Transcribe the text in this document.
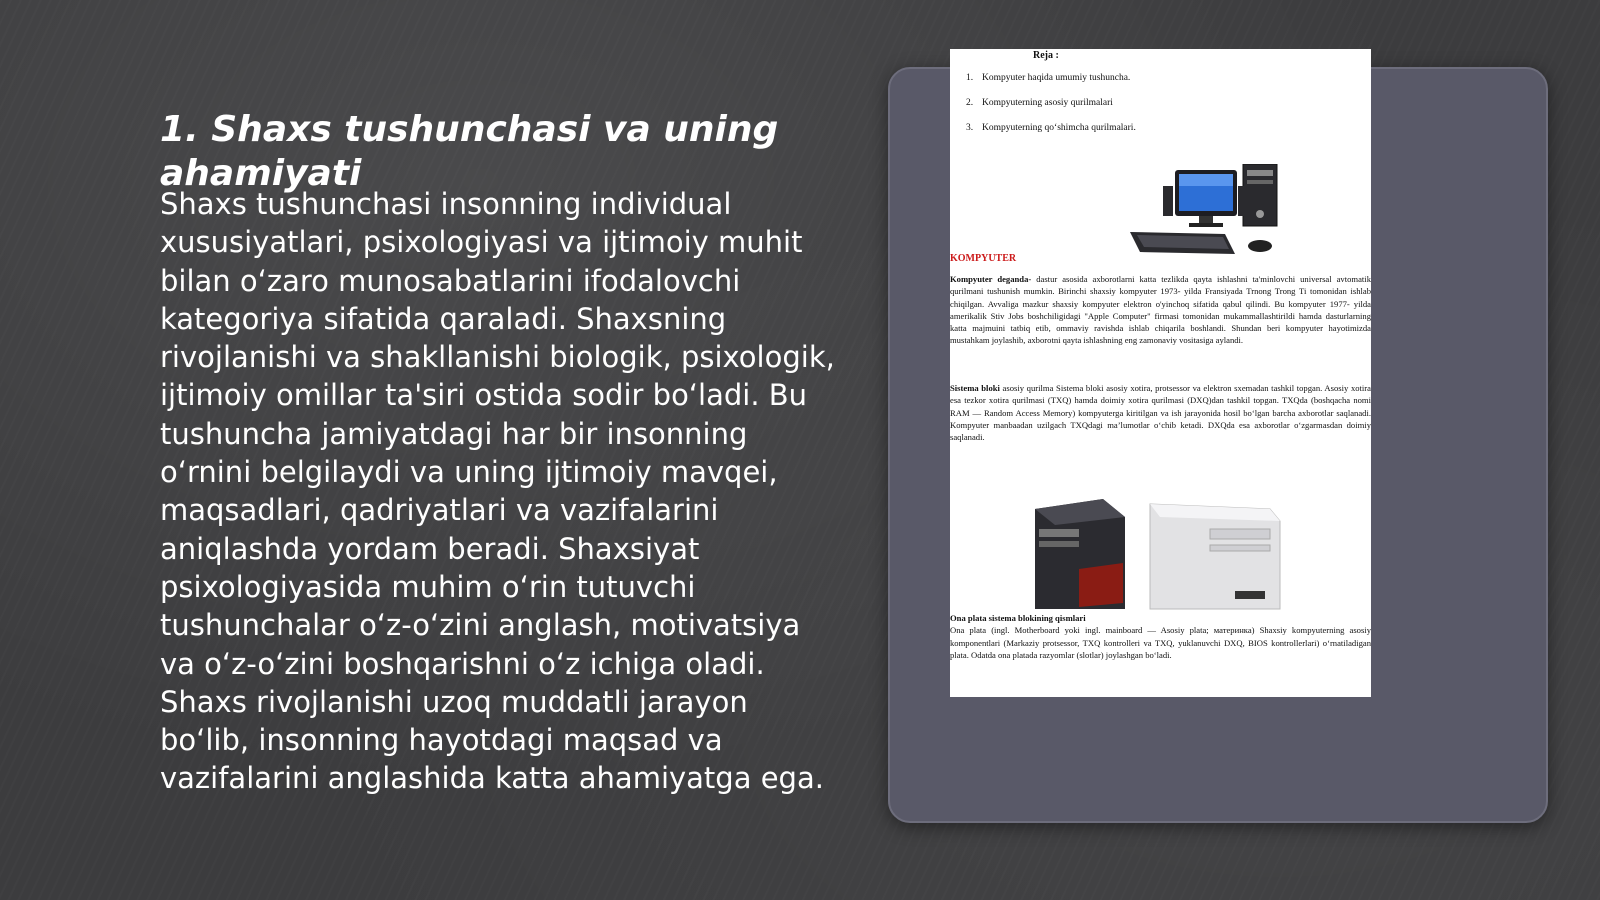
1. Shaxs tushunchasi va uning ahamiyati

Shaxs tushunchasi insonning individual xususiyatlari, psixologiyasi va ijtimoiy muhit bilan oʻzaro munosabatlarini ifodalovchi kategoriya sifatida qaraladi. Shaxsning rivojlanishi va shakllanishi biologik, psixologik, ijtimoiy omillar ta'siri ostida sodir boʻladi. Bu tushuncha jamiyatdagi har bir insonning oʻrnini belgilaydi va uning ijtimoiy mavqei, maqsadlari, qadriyatlari va vazifalarini aniqlashda yordam beradi. Shaxsiyat psixologiyasida muhim oʻrin tutuvchi tushunchalar oʻz-oʻzini anglash, motivatsiya va oʻz-oʻzini boshqarishni oʻz ichiga oladi. Shaxs rivojlanishi uzoq muddatli jarayon boʻlib, insonning hayotdagi maqsad va vazifalarini anglashida katta ahamiyatga ega.

Reja :
1. Kompyuter haqida umumiy tushuncha.
2. Kompyuterning asosiy qurilmalari
3. Kompyuterning qo‘shimcha qurilmalari.
KOMPYUTER

Kompyuter deganda- dastur asosida axborotlarni katta tezlikda qayta ishlashni ta'minlovchi universal avtomatik qurilmani tushunish mumkin. Birinchi shaxsiy kompyuter 1973- yilda Fransiyada Trnong Trong Ti tomonidan ishlab chiqilgan. Avvaliga mazkur shaxsiy kompyuter elektron o'yinchoq sifatida qabul qilindi. Bu kompyuter 1977- yilda amerikalik Stiv Jobs boshchiligidagi "Apple Computer" firmasi tomonidan mukammallashtirildi hamda dasturlarning katta majmuini tatbiq etib, ommaviy ravishda ishlab chiqarila boshlandi. Shundan beri kompyuter hayotimizda mustahkam joylashib, axborotni qayta ishlashning eng zamonaviy vositasiga aylandi.

Sistema bloki asosiy qurilma Sistema bloki asosiy xotira, protsessor va elektron sxemadan tashkil topgan. Asosiy xotira esa tezkor xotira qurilmasi (TXQ) hamda doimiy xotira qurilmasi (DXQ)dan tashkil topgan. TXQda (boshqacha nomi RAM — Random Access Memory) kompyuterga kiritilgan va ish jarayonida hosil bo‘lgan barcha axborotlar saqlanadi. Kompyuter manbaadan uzilgach TXQdagi ma’lumotlar o‘chib ketadi. DXQda esa axborotlar o‘zgarmasdan doimiy saqlanadi.

Ona plata sistema blokining qismlari
Ona plata (ingl. Motherboard yoki ingl. mainboard — Asosiy plata; материнка) Shaxsiy kompyuterning asosiy komponentlari (Markaziy protsessor, TXQ kontrolleri va TXQ, yuklanuvchi DXQ, BIOS kontrollerlari) o‘rnatiladigan plata. Odatda ona platada razyomlar (slotlar) joylashgan bo‘ladi.
